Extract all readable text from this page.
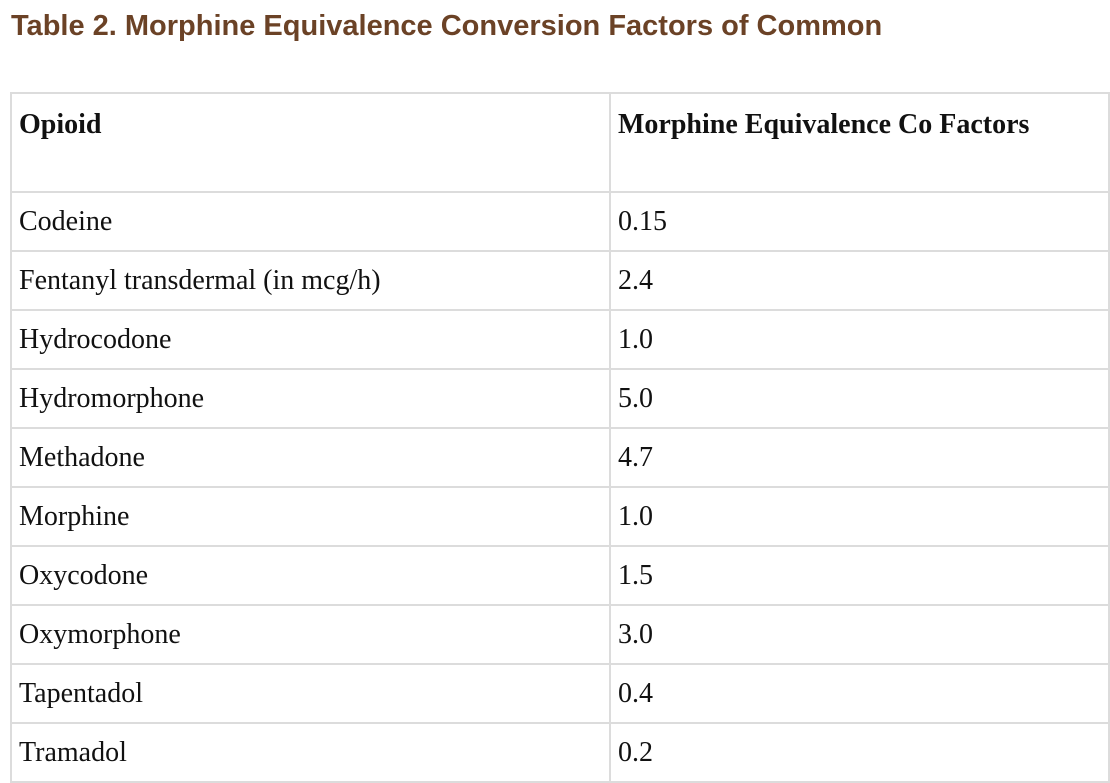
Table 2. Morphine Equivalence Conversion Factors of Common
Opioid	Morphine Equivalence Co Factors
Codeine	0.15
Fentanyl transdermal (in mcg/h)	2.4
Hydrocodone	1.0
Hydromorphone	5.0
Methadone	4.7
Morphine	1.0
Oxycodone	1.5
Oxymorphone	3.0
Tapentadol	0.4
Tramadol	0.2
